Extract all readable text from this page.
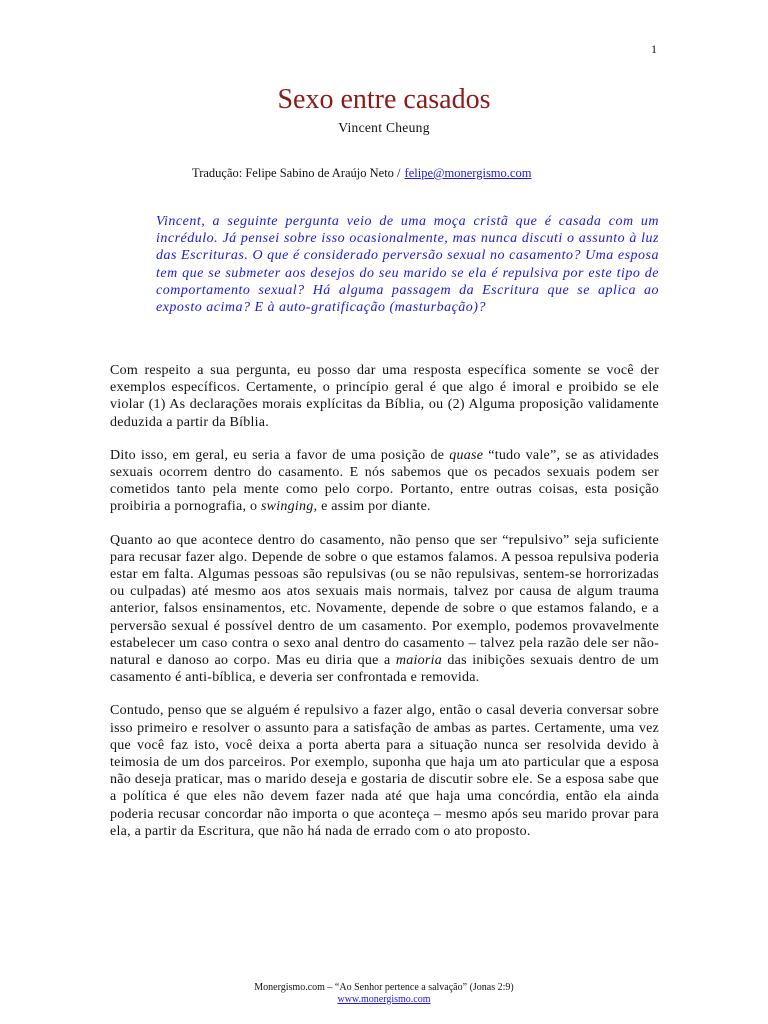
1
Sexo entre casados
Vincent Cheung
Tradução: Felipe Sabino de Araújo Neto / felipe@monergismo.com

Vincent, a seguinte pergunta veio de uma moça cristã que é casada com um incrédulo. Já pensei sobre isso ocasionalmente, mas nunca discuti o assunto à luz das Escrituras. O que é considerado perversão sexual no casamento? Uma esposa tem que se submeter aos desejos do seu marido se ela é repulsiva por este tipo de comportamento sexual? Há alguma passagem da Escritura que se aplica ao exposto acima? E à auto-gratificação (masturbação)?

Com respeito a sua pergunta, eu posso dar uma resposta específica somente se você der exemplos específicos. Certamente, o princípio geral é que algo é imoral e proibido se ele violar (1) As declarações morais explícitas da Bíblia, ou (2) Alguma proposição validamente deduzida a partir da Bíblia.

Dito isso, em geral, eu seria a favor de uma posição de quase “tudo vale”, se as atividades sexuais ocorrem dentro do casamento. E nós sabemos que os pecados sexuais podem ser cometidos tanto pela mente como pelo corpo. Portanto, entre outras coisas, esta posição proibiria a pornografia, o swinging, e assim por diante.

Quanto ao que acontece dentro do casamento, não penso que ser “repulsivo” seja suficiente para recusar fazer algo. Depende de sobre o que estamos falamos. A pessoa repulsiva poderia estar em falta. Algumas pessoas são repulsivas (ou se não repulsivas, sentem-se horrorizadas ou culpadas) até mesmo aos atos sexuais mais normais, talvez por causa de algum trauma anterior, falsos ensinamentos, etc. Novamente, depende de sobre o que estamos falando, e a perversão sexual é possível dentro de um casamento. Por exemplo, podemos provavelmente estabelecer um caso contra o sexo anal dentro do casamento – talvez pela razão dele ser não-natural e danoso ao corpo. Mas eu diria que a maioria das inibições sexuais dentro de um casamento é anti-bíblica, e deveria ser confrontada e removida.

Contudo, penso que se alguém é repulsivo a fazer algo, então o casal deveria conversar sobre isso primeiro e resolver o assunto para a satisfação de ambas as partes. Certamente, uma vez que você faz isto, você deixa a porta aberta para a situação nunca ser resolvida devido à teimosia de um dos parceiros. Por exemplo, suponha que haja um ato particular que a esposa não deseja praticar, mas o marido deseja e gostaria de discutir sobre ele. Se a esposa sabe que a política é que eles não devem fazer nada até que haja uma concórdia, então ela ainda poderia recusar concordar não importa o que aconteça – mesmo após seu marido provar para ela, a partir da Escritura, que não há nada de errado com o ato proposto.

Monergismo.com – “Ao Senhor pertence a salvação” (Jonas 2:9)
www.monergismo.com
